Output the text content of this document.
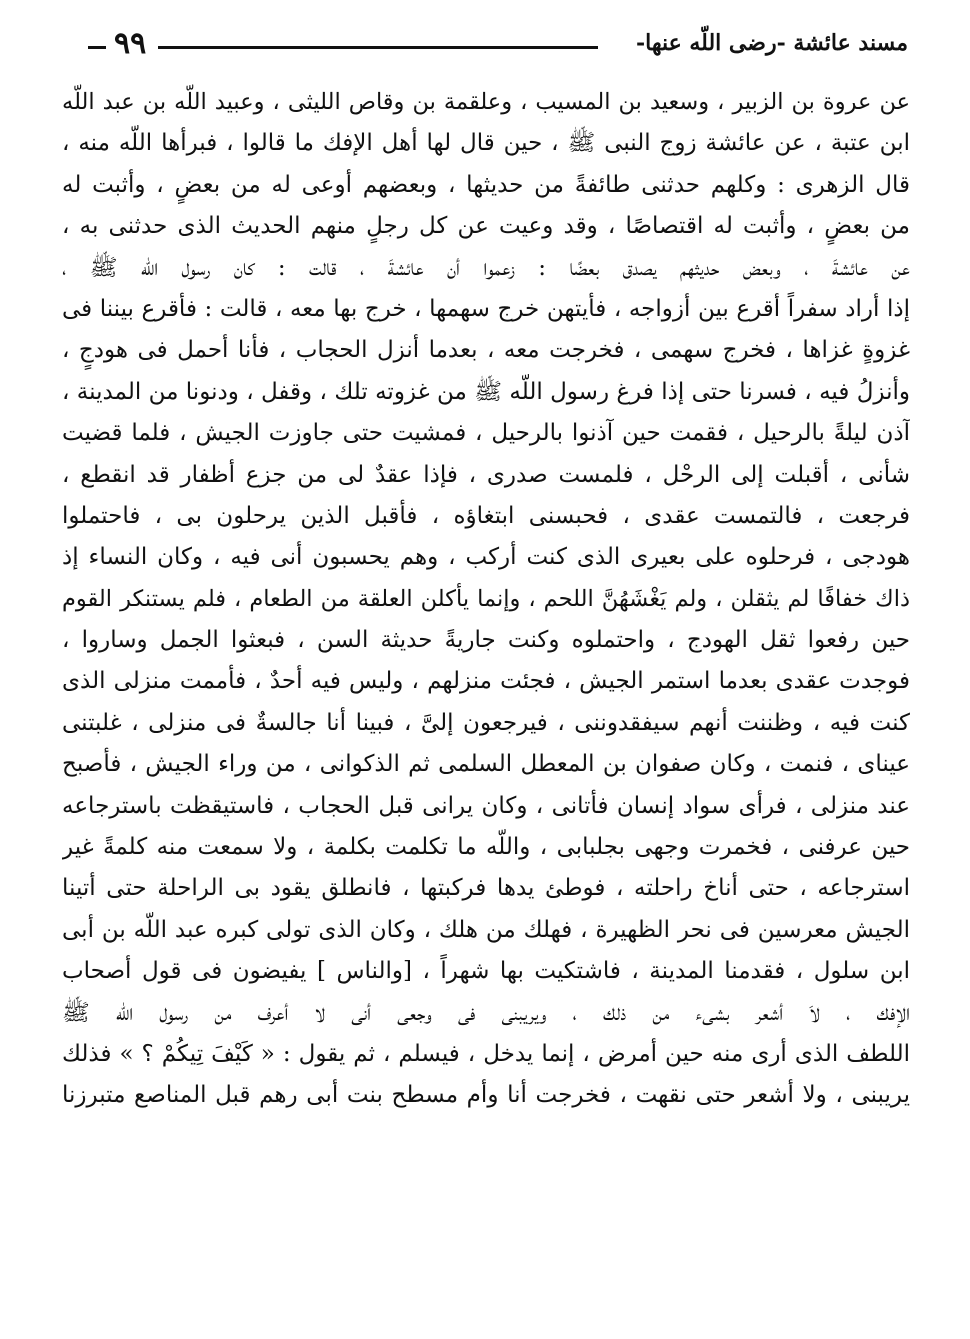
مسند عائشة -رضى اللّه عنها-
٩٩
عن عروة بن الزبير ، وسعيد بن المسيب ، وعلقمة بن وقاص الليثى ، وعبيد اللّه بن عبد اللّه
ابن عتبة ، عن عائشة زوج النبى ﷺ ، حين قال لها أهل الإفك ما قالوا ، فبرأها اللّه منه ،
قال الزهرى : وكلهم حدثنى طائفةً من حديثها ، وبعضهم أوعى له من بعضٍ ، وأثبت له
من بعضٍ ، وأثبت له اقتصاصًا ، وقد وعيت عن كل رجلٍ منهم الحديث الذى حدثنى به ،
عن عائشةَ ، وبعض حديثهم يصدق بعضًا : زعموا أن عائشةَ ، قالت : كان رسول اللّه ﷺ ،
إذا أراد سفراً أقرع بين أزواجه ، فأيتهن خرج سهمها ، خرج بها معه ، قالت : فأقرع بيننا فى
غزوةٍ غزاها ، فخرج سهمى ، فخرجت معه ، بعدما أنزل الحجاب ، فأنا أحمل فى هودجٍ ،
وأنزلُ فيه ، فسرنا حتى إذا فرغ رسول اللّه ﷺ من غزوته تلك ، وقفل ، ودنونا من المدينة ،
آذن ليلةً بالرحيل ، فقمت حين آذنوا بالرحيل ، فمشيت حتى جاوزت الجيش ، فلما قضيت
شأنى ، أقبلت إلى الرحْل ، فلمست صدرى ، فإذا عقدٌ لى من جزع أظفار قد انقطع ،
فرجعت ، فالتمست عقدى ، فحبسنى ابتغاؤه ، فأقبل الذين يرحلون بى ، فاحتملوا
هودجى ، فرحلوه على بعيرى الذى كنت أركب ، وهم يحسبون أنى فيه ، وكان النساء إذ
ذاك خفافًا لم يثقلن ، ولم يَغْشَهُنَّ اللحم ، وإنما يأكلن العلقة من الطعام ، فلم يستنكر القوم
حين رفعوا ثقل الهودج ، واحتملوه وكنت جاريةً حديثة السن ، فبعثوا الجمل وساروا ،
فوجدت عقدى بعدما استمر الجيش ، فجئت منزلهم ، وليس فيه أحدٌ ، فأممت منزلى الذى
كنت فيه ، وظننت أنهم سيفقدوننى ، فيرجعون إلىَّ ، فبينا أنا جالسةٌ فى منزلى ، غلبتنى
عيناى ، فنمت ، وكان صفوان بن المعطل السلمى ثم الذكوانى ، من وراء الجيش ، فأصبح
عند منزلى ، فرأى سواد إنسان فأتانى ، وكان يرانى قبل الحجاب ، فاستيقظت باسترجاعه
حين عرفنى ، فخمرت وجهى بجلبابى ، واللّه ما تكلمت بكلمة ، ولا سمعت منه كلمةً غير
استرجاعه ، حتى أناخ راحلته ، فوطئ يدها فركبتها ، فانطلق يقود بى الراحلة حتى أتينا
الجيش معرسين فى نحر الظهيرة ، فهلك من هلك ، وكان الذى تولى كبره عبد اللّه بن أبى
ابن سلول ، فقدمنا المدينة ، فاشتكيت بها شهراً ، [والناس ] يفيضون فى قول أصحاب
الإفك ، لاَ أشعر بشىء من ذلك ، ويريبنى فى وجعى أنى لا أعرف من رسول اللّه ﷺ
اللطف الذى أرى منه حين أمرض ، إنما يدخل ، فيسلم ، ثم يقول : « كَيْفَ تِيكُمْ ؟ » فذلك
يريبنى ، ولا أشعر حتى نقهت ، فخرجت أنا وأم مسطح بنت أبى رهم قبل المناصع متبرزنا
